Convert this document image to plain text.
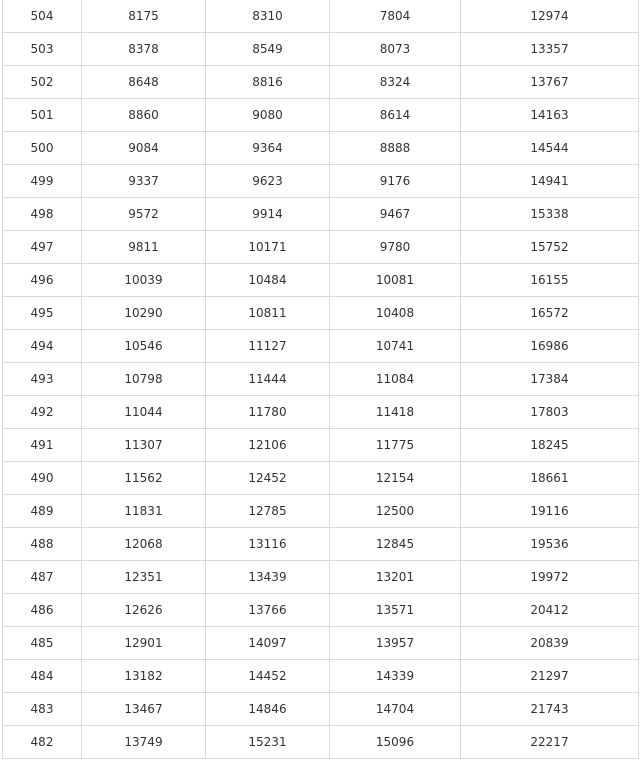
504	8175	8310	7804	12974
503	8378	8549	8073	13357
502	8648	8816	8324	13767
501	8860	9080	8614	14163
500	9084	9364	8888	14544
499	9337	9623	9176	14941
498	9572	9914	9467	15338
497	9811	10171	9780	15752
496	10039	10484	10081	16155
495	10290	10811	10408	16572
494	10546	11127	10741	16986
493	10798	11444	11084	17384
492	11044	11780	11418	17803
491	11307	12106	11775	18245
490	11562	12452	12154	18661
489	11831	12785	12500	19116
488	12068	13116	12845	19536
487	12351	13439	13201	19972
486	12626	13766	13571	20412
485	12901	14097	13957	20839
484	13182	14452	14339	21297
483	13467	14846	14704	21743
482	13749	15231	15096	22217
